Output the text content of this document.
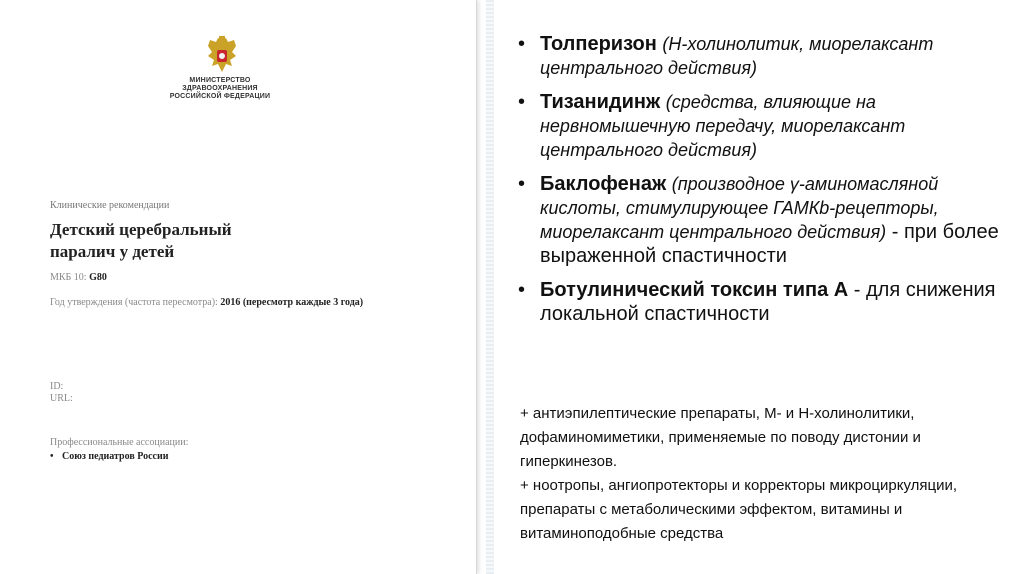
МИНИСТЕРСТВО
ЗДРАВООХРАНЕНИЯ
РОССИЙСКОЙ ФЕДЕРАЦИИ
Клинические рекомендации
Детский церебральный
паралич у детей
МКБ 10: G80
Год утверждения (частота пересмотра): 2016 (пересмотр каждые 3 года)
ID:
URL:
Профессиональные ассоциации:
• Союз педиатров России
• Толперизон (Н-холинолитик, миорелаксант центрального действия)
• Тизанидинж (средства, влияющие на нервномышечную передачу, миорелаксант центрального действия)
• Баклофенаж (производное γ-аминомасляной кислоты, стимулирующее ГАМКb-рецепторы, миорелаксант центрального действия) - при более выраженной спастичности
• Ботулинический токсин типа А - для снижения локальной спастичности

+ антиэпилептические препараты, М- и Н-холинолитики, дофаминомиметики, применяемые по поводу дистонии и гиперкинезов.

+ ноотропы, ангиопротекторы и корректоры микроциркуляции, препараты с метаболическими эффектом, витамины и витаминоподобные средства
